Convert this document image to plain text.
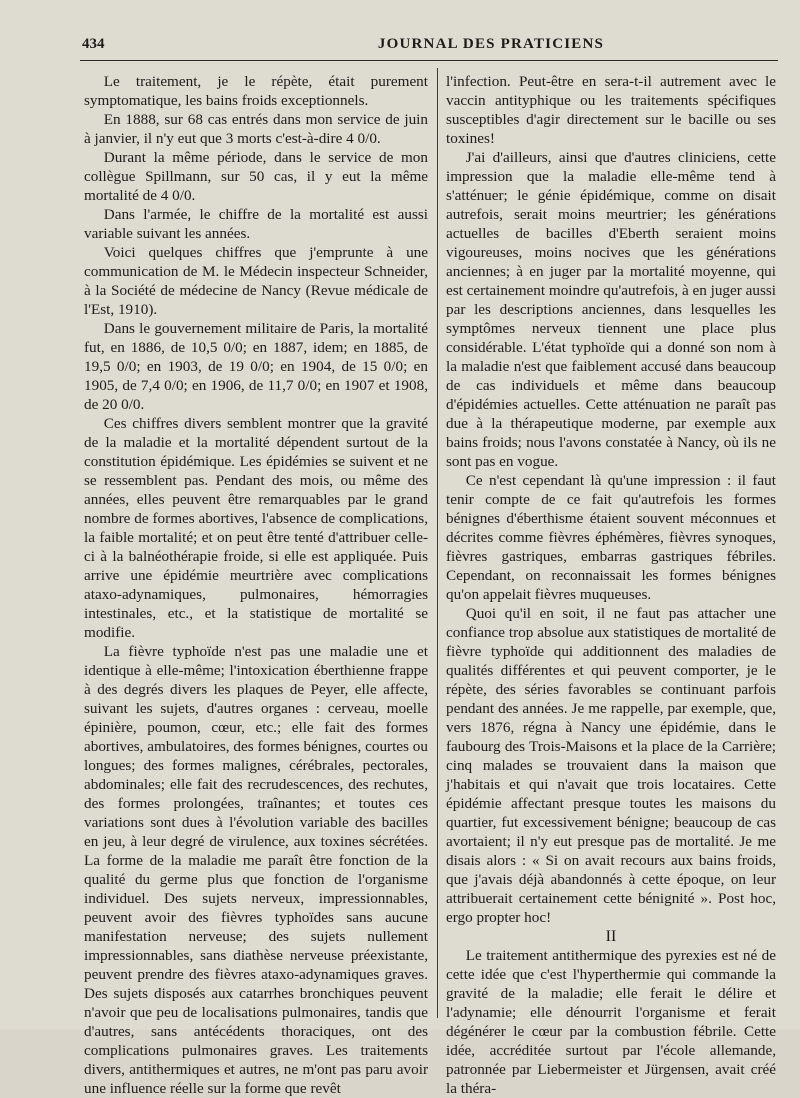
434	JOURNAL DES PRATICIENS

Le traitement, je le répète, était purement symptomatique, les bains froids exceptionnels.

En 1888, sur 68 cas entrés dans mon service de juin à janvier, il n'y eut que 3 morts c'est-à-dire 4 0/0.

Durant la même période, dans le service de mon collègue Spillmann, sur 50 cas, il y eut la même mortalité de 4 0/0.

Dans l'armée, le chiffre de la mortalité est aussi variable suivant les années.

Voici quelques chiffres que j'emprunte à une communication de M. le Médecin inspecteur Schneider, à la Société de médecine de Nancy (Revue médicale de l'Est, 1910).

Dans le gouvernement militaire de Paris, la mortalité fut, en 1886, de 10,5 0/0; en 1887, idem; en 1885, de 19,5 0/0; en 1903, de 19 0/0; en 1904, de 15 0/0; en 1905, de 7,4 0/0; en 1906, de 11,7 0/0; en 1907 et 1908, de 20 0/0.

Ces chiffres divers semblent montrer que la gravité de la maladie et la mortalité dépendent surtout de la constitution épidémique. Les épidémies se suivent et ne se ressemblent pas. Pendant des mois, ou même des années, elles peuvent être remarquables par le grand nombre de formes abortives, l'absence de complications, la faible mortalité; et on peut être tenté d'attribuer celle-ci à la balnéothérapie froide, si elle est appliquée. Puis arrive une épidémie meurtrière avec complications ataxo-adynamiques, pulmonaires, hémorragies intestinales, etc., et la statistique de mortalité se modifie.

La fièvre typhoïde n'est pas une maladie une et identique à elle-même; l'intoxication éberthienne frappe à des degrés divers les plaques de Peyer, elle affecte, suivant les sujets, d'autres organes : cerveau, moelle épinière, poumon, cœur, etc.; elle fait des formes abortives, ambulatoires, des formes bénignes, courtes ou longues; des formes malignes, cérébrales, pectorales, abdominales; elle fait des recrudescences, des rechutes, des formes prolongées, traînantes; et toutes ces variations sont dues à l'évolution variable des bacilles en jeu, à leur degré de virulence, aux toxines sécrétées. La forme de la maladie me paraît être fonction de la qualité du germe plus que fonction de l'organisme individuel. Des sujets nerveux, impressionnables, peuvent avoir des fièvres typhoïdes sans aucune manifestation nerveuse; des sujets nullement impressionnables, sans diathèse nerveuse préexistante, peuvent prendre des fièvres ataxo-adynamiques graves. Des sujets disposés aux catarrhes bronchiques peuvent n'avoir que peu de localisations pulmonaires, tandis que d'autres, sans antécédents thoraciques, ont des complications pulmonaires graves. Les traitements divers, antithermiques et autres, ne m'ont pas paru avoir une influence réelle sur la forme que revêt

l'infection. Peut-être en sera-t-il autrement avec le vaccin antityphique ou les traitements spécifiques susceptibles d'agir directement sur le bacille ou ses toxines!

J'ai d'ailleurs, ainsi que d'autres cliniciens, cette impression que la maladie elle-même tend à s'atténuer; le génie épidémique, comme on disait autrefois, serait moins meurtrier; les générations actuelles de bacilles d'Eberth seraient moins vigoureuses, moins nocives que les générations anciennes; à en juger par la mortalité moyenne, qui est certainement moindre qu'autrefois, à en juger aussi par les descriptions anciennes, dans lesquelles les symptômes nerveux tiennent une place plus considérable. L'état typhoïde qui a donné son nom à la maladie n'est que faiblement accusé dans beaucoup de cas individuels et même dans beaucoup d'épidémies actuelles. Cette atténuation ne paraît pas due à la thérapeutique moderne, par exemple aux bains froids; nous l'avons constatée à Nancy, où ils ne sont pas en vogue.

Ce n'est cependant là qu'une impression : il faut tenir compte de ce fait qu'autrefois les formes bénignes d'éberthisme étaient souvent méconnues et décrites comme fièvres éphémères, fièvres synoques, fièvres gastriques, embarras gastriques fébriles. Cependant, on reconnaissait les formes bénignes qu'on appelait fièvres muqueuses.

Quoi qu'il en soit, il ne faut pas attacher une confiance trop absolue aux statistiques de mortalité de fièvre typhoïde qui additionnent des maladies de qualités différentes et qui peuvent comporter, je le répète, des séries favorables se continuant parfois pendant des années. Je me rappelle, par exemple, que, vers 1876, régna à Nancy une épidémie, dans le faubourg des Trois-Maisons et la place de la Carrière; cinq malades se trouvaient dans la maison que j'habitais et qui n'avait que trois locataires. Cette épidémie affectant presque toutes les maisons du quartier, fut excessivement bénigne; beaucoup de cas avortaient; il n'y eut presque pas de mortalité. Je me disais alors : « Si on avait recours aux bains froids, que j'avais déjà abandonnés à cette époque, on leur attribuerait certainement cette bénignité ». Post hoc, ergo propter hoc!

II

Le traitement antithermique des pyrexies est né de cette idée que c'est l'hyperthermie qui commande la gravité de la maladie; elle ferait le délire et l'adynamie; elle dénourrit l'organisme et ferait dégénérer le cœur par la combustion fébrile. Cette idée, accréditée surtout par l'école allemande, patronnée par Liebermeister et Jürgensen, avait créé la théra-
